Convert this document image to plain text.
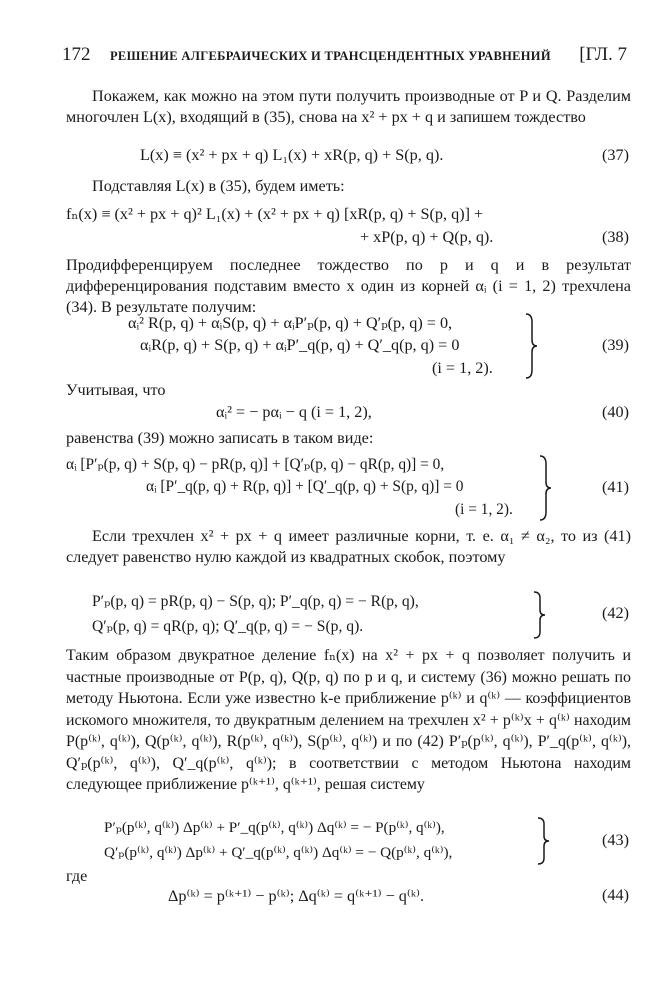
172 РЕШЕНИЕ АЛГЕБРАИЧЕСКИХ И ТРАНСЦЕНДЕНТНЫХ УРАВНЕНИЙ [ГЛ. 7

Покажем, как можно на этом пути получить производные от P и Q. Разделим многочлен L(x), входящий в (35), снова на x² + px + q и запишем тождество

L(x) ≡ (x² + px + q) L₁(x) + xR(p, q) + S(p, q).	(37)

Подставляя L(x) в (35), будем иметь:

fₙ(x) ≡ (x² + px + q)² L₁(x) + (x² + px + q) [xR(p, q) + S(p, q)] +
+ xP(p, q) + Q(p, q).	(38)

Продифференцируем последнее тождество по p и q и в результат дифференцирования подставим вместо x один из корней αᵢ (i = 1, 2) трехчлена (34). В результате получим:

αᵢ² R(p, q) + αᵢS(p, q) + αᵢP′ₚ(p, q) + Q′ₚ(p, q) = 0,
αᵢR(p, q) + S(p, q) + αᵢP′_q(p, q) + Q′_q(p, q) = 0
(i = 1, 2).
(39)

Учитывая, что

αᵢ² = − pαᵢ − q (i = 1, 2),	(40)

равенства (39) можно записать в таком виде:

αᵢ [P′ₚ(p, q) + S(p, q) − pR(p, q)] + [Q′ₚ(p, q) − qR(p, q)] = 0,
αᵢ [P′_q(p, q) + R(p, q)] + [Q′_q(p, q) + S(p, q)] = 0
(i = 1, 2).
(41)

Если трехчлен x² + px + q имеет различные корни, т. е. α₁ ≠ α₂, то из (41) следует равенство нулю каждой из квадратных скобок, поэтому

P′ₚ(p, q) = pR(p, q) − S(p, q); P′_q(p, q) = − R(p, q),
Q′ₚ(p, q) = qR(p, q); Q′_q(p, q) = − S(p, q).
(42)

Таким образом двукратное деление fₙ(x) на x² + px + q позволяет получить и частные производные от P(p, q), Q(p, q) по p и q, и систему (36) можно решать по методу Ньютона. Если уже известно k-е приближение p⁽ᵏ⁾ и q⁽ᵏ⁾ — коэффициентов искомого множителя, то двукратным делением на трехчлен x² + p⁽ᵏ⁾x + q⁽ᵏ⁾ находим P(p⁽ᵏ⁾, q⁽ᵏ⁾), Q(p⁽ᵏ⁾, q⁽ᵏ⁾), R(p⁽ᵏ⁾, q⁽ᵏ⁾), S(p⁽ᵏ⁾, q⁽ᵏ⁾) и по (42) P′ₚ(p⁽ᵏ⁾, q⁽ᵏ⁾), P′_q(p⁽ᵏ⁾, q⁽ᵏ⁾), Q′ₚ(p⁽ᵏ⁾, q⁽ᵏ⁾), Q′_q(p⁽ᵏ⁾, q⁽ᵏ⁾); в соответствии с методом Ньютона находим следующее приближение p⁽ᵏ⁺¹⁾, q⁽ᵏ⁺¹⁾, решая систему

P′ₚ(p⁽ᵏ⁾, q⁽ᵏ⁾) Δp⁽ᵏ⁾ + P′_q(p⁽ᵏ⁾, q⁽ᵏ⁾) Δq⁽ᵏ⁾ = − P(p⁽ᵏ⁾, q⁽ᵏ⁾),
Q′ₚ(p⁽ᵏ⁾, q⁽ᵏ⁾) Δp⁽ᵏ⁾ + Q′_q(p⁽ᵏ⁾, q⁽ᵏ⁾) Δq⁽ᵏ⁾ = − Q(p⁽ᵏ⁾, q⁽ᵏ⁾),
(43)

где

Δp⁽ᵏ⁾ = p⁽ᵏ⁺¹⁾ − p⁽ᵏ⁾; Δq⁽ᵏ⁾ = q⁽ᵏ⁺¹⁾ − q⁽ᵏ⁾.	(44)
